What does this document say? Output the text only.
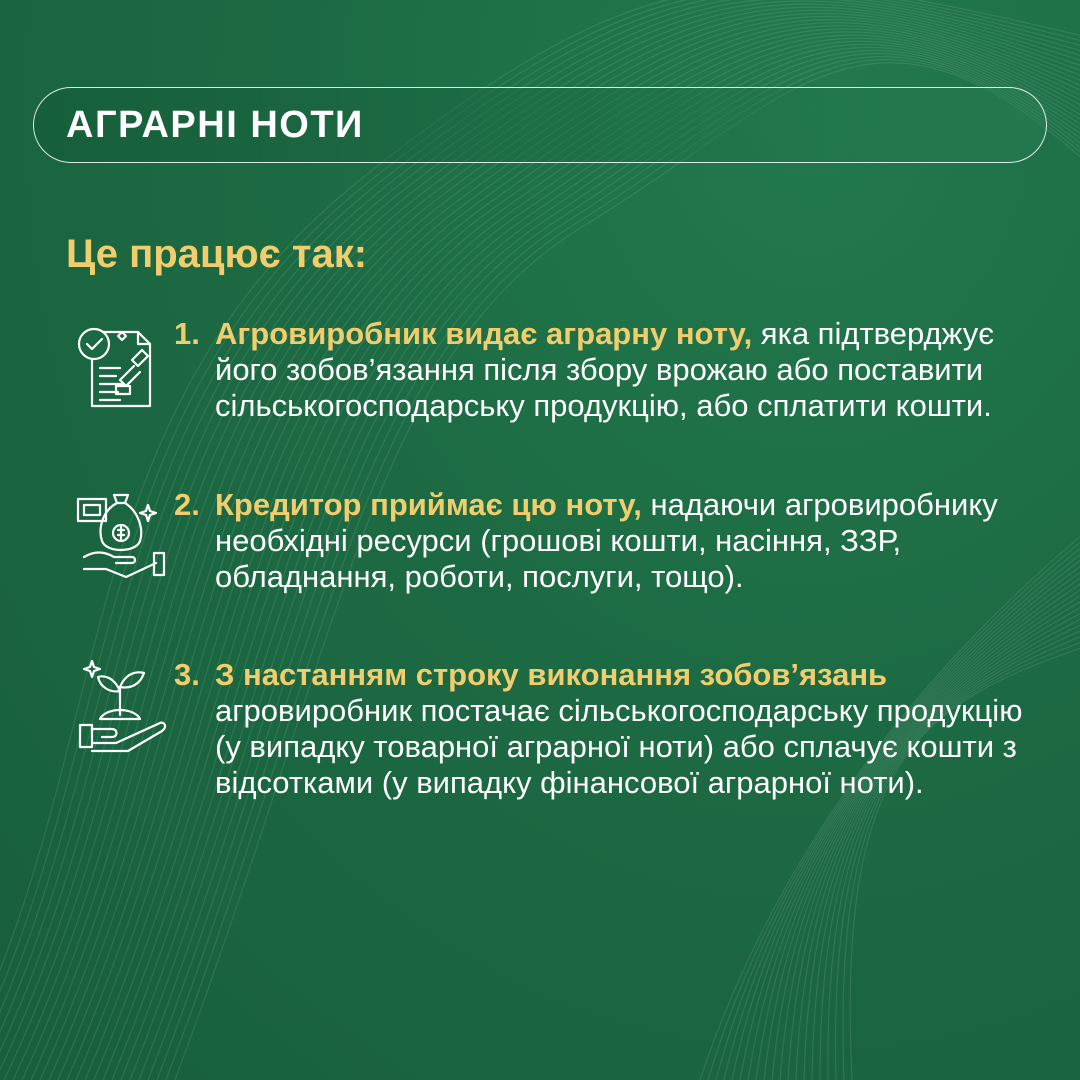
АГРАРНІ НОТИ
Це працює так:
1. Агровиробник видає аграрну ноту, яка підтверджує його зобов’язання після збору врожаю або поставити сільськогосподарську продукцію, або сплатити кошти.
2. Кредитор приймає цю ноту, надаючи агровиробнику необхідні ресурси (грошові кошти, насіння, ЗЗР, обладнання, роботи, послуги, тощо).
3. З настанням строку виконання зобов’язань агровиробник постачає сільськогосподарську продукцію (у випадку товарної аграрної ноти) або сплачує кошти з відсотками (у випадку фінансової аграрної ноти).
